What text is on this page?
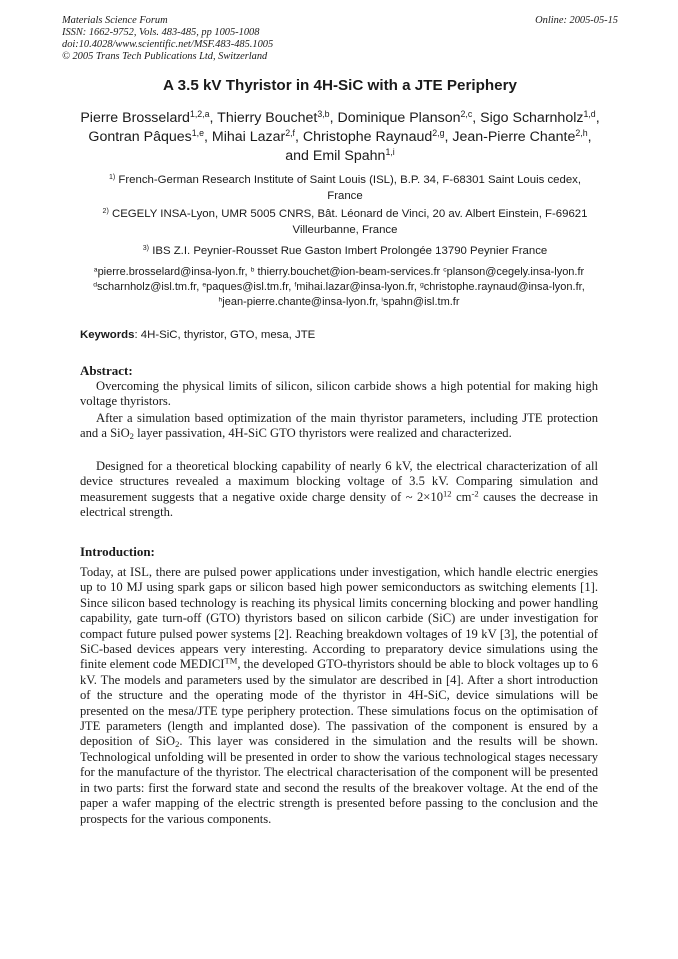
Materials Science Forum
ISSN: 1662-9752, Vols. 483-485, pp 1005-1008
doi:10.4028/www.scientific.net/MSF.483-485.1005
© 2005 Trans Tech Publications Ltd, Switzerland
Online: 2005-05-15
A 3.5 kV Thyristor in 4H-SiC with a JTE Periphery
Pierre Brosselard$^{1,2,a}$, Thierry Bouchet$^{3,b}$, Dominique Planson$^{2,c}$, Sigo Scharnholz$^{1,d}$, Gontran Pâques$^{1,e}$, Mihai Lazar$^{2,f}$, Christophe Raynaud$^{2,g}$, Jean-Pierre Chante$^{2,h}$, and Emil Spahn$^{1,i}$
$^{1)}$ French-German Research Institute of Saint Louis (ISL), B.P. 34, F-68301 Saint Louis cedex, France
$^{2)}$ CEGELY INSA-Lyon, UMR 5005 CNRS, Bât. Léonard de Vinci, 20 av. Albert Einstein, F-69621 Villeurbanne, France
$^{3)}$ IBS Z.I. Peynier-Rousset Rue Gaston Imbert Prolongée 13790 Peynier France
$^a$pierre.brosselard@insa-lyon.fr, $^b$ thierry.bouchet@ion-beam-services.fr $^c$planson@cegely.insa-lyon.fr $^d$scharnholz@isl.tm.fr, $^e$paques@isl.tm.fr, $^f$mihai.lazar@insa-lyon.fr, $^g$christophe.raynaud@insa-lyon.fr, $^h$jean-pierre.chante@insa-lyon.fr, $^i$spahn@isl.tm.fr
Keywords: 4H-SiC, thyristor, GTO, mesa, JTE
Abstract:
Overcoming the physical limits of silicon, silicon carbide shows a high potential for making high voltage thyristors.
After a simulation based optimization of the main thyristor parameters, including JTE protection and a SiO$_2$ layer passivation, 4H-SiC GTO thyristors were realized and characterized.
Designed for a theoretical blocking capability of nearly 6 kV, the electrical characterization of all device structures revealed a maximum blocking voltage of 3.5 kV. Comparing simulation and measurement suggests that a negative oxide charge density of ~ $2\times 10^{12}$ $cm^{-2}$ causes the decrease in electrical strength.
Introduction:
Today, at ISL, there are pulsed power applications under investigation, which handle electric energies up to 10 MJ using spark gaps or silicon based high power semiconductors as switching elements [1]. Since silicon based technology is reaching its physical limits concerning blocking and power handling capability, gate turn-off (GTO) thyristors based on silicon carbide (SiC) are under investigation for compact future pulsed power systems [2]. Reaching breakdown voltages of 19 kV [3], the potential of SiC-based devices appears very interesting. According to preparatory device simulations using the finite element code MEDICI™, the developed GTO-thyristors should be able to block voltages up to 6 kV. The models and parameters used by the simulator are described in [4]. After a short introduction of the structure and the operating mode of the thyristor in 4H-SiC, device simulations will be presented on the mesa/JTE type periphery protection. These simulations focus on the optimisation of JTE parameters (length and implanted dose). The passivation of the component is ensured by a deposition of SiO$_2$. This layer was considered in the simulation and the results will be shown. Technological unfolding will be presented in order to show the various technological stages necessary for the manufacture of the thyristor. The electrical characterisation of the component will be presented in two parts: first the forward state and second the results of the breakover voltage. At the end of the paper a wafer mapping of the electric strength is presented before passing to the conclusion and the prospects for the various components.
